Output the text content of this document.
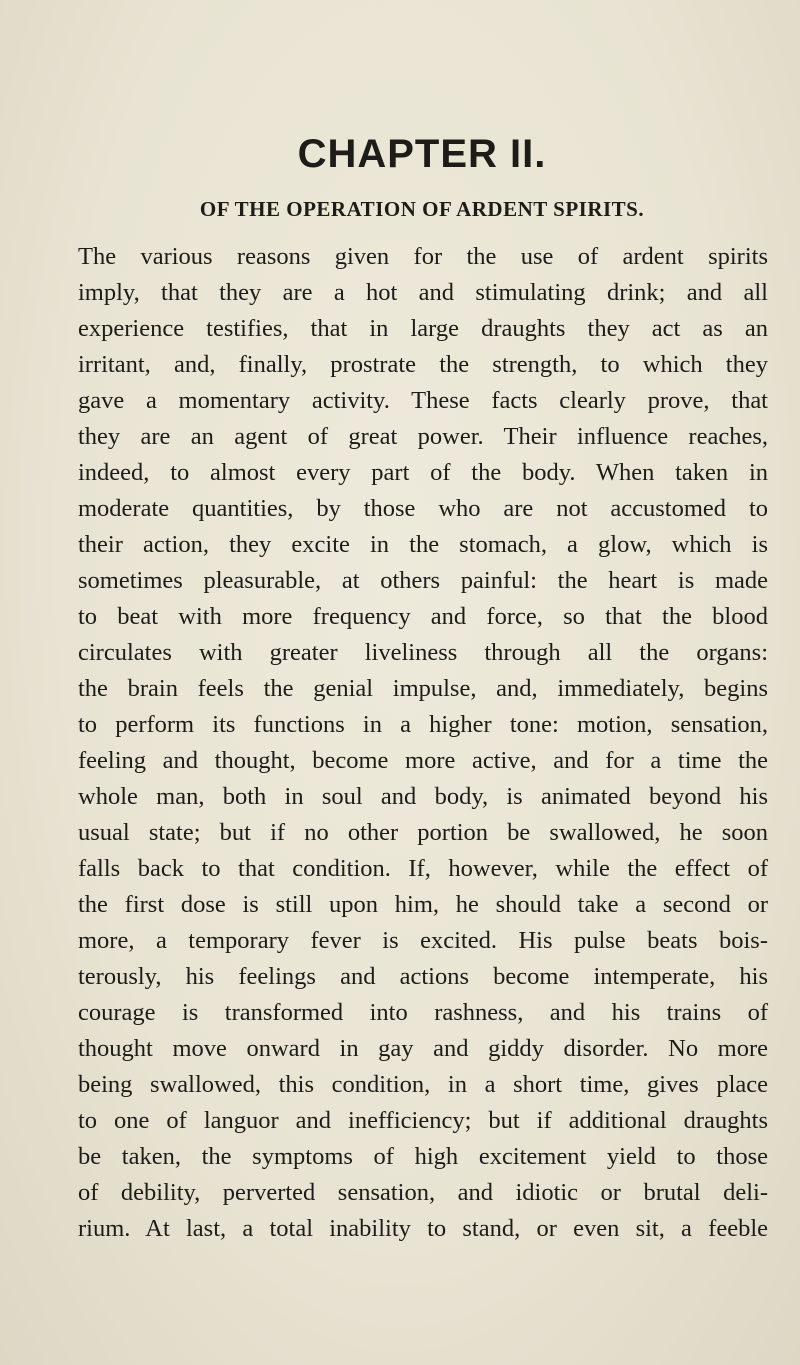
CHAPTER II.
OF THE OPERATION OF ARDENT SPIRITS.
The various reasons given for the use of ardent spirits
imply, that they are a hot and stimulating drink; and all
experience testifies, that in large draughts they act as an
irritant, and, finally, prostrate the strength, to which they
gave a momentary activity. These facts clearly prove, that
they are an agent of great power. Their influence reaches,
indeed, to almost every part of the body. When taken in
moderate quantities, by those who are not accustomed to
their action, they excite in the stomach, a glow, which is
sometimes pleasurable, at others painful: the heart is made
to beat with more frequency and force, so that the blood
circulates with greater liveliness through all the organs:
the brain feels the genial impulse, and, immediately, begins
to perform its functions in a higher tone: motion, sensation,
feeling and thought, become more active, and for a time the
whole man, both in soul and body, is animated beyond his
usual state; but if no other portion be swallowed, he soon
falls back to that condition. If, however, while the effect of
the first dose is still upon him, he should take a second or
more, a temporary fever is excited. His pulse beats bois-
terously, his feelings and actions become intemperate, his
courage is transformed into rashness, and his trains of
thought move onward in gay and giddy disorder. No more
being swallowed, this condition, in a short time, gives place
to one of languor and inefficiency; but if additional draughts
be taken, the symptoms of high excitement yield to those
of debility, perverted sensation, and idiotic or brutal deli-
rium. At last, a total inability to stand, or even sit, a feeble
